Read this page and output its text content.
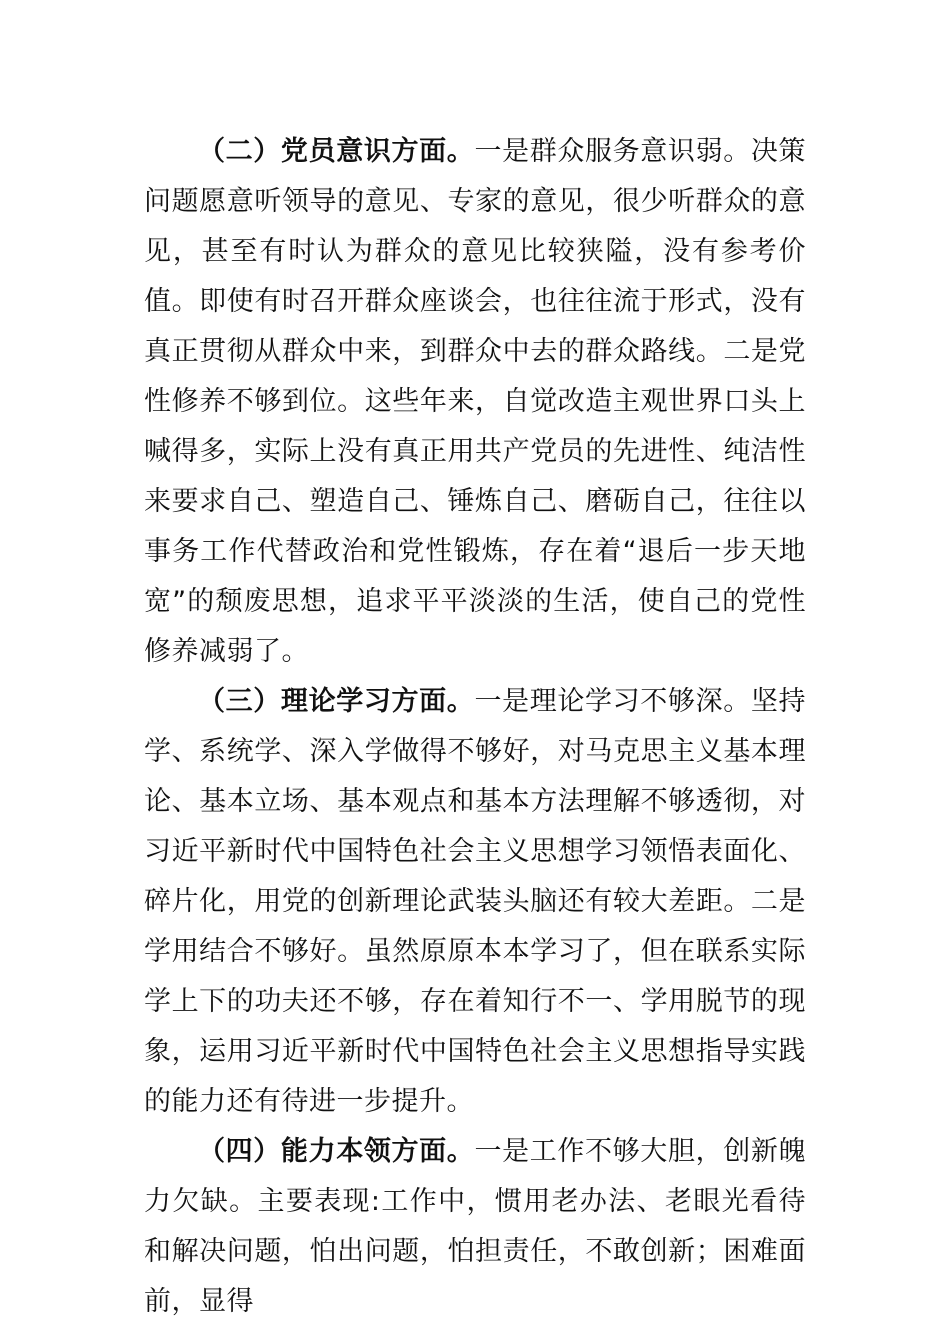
（二）党员意识方面。一是群众服务意识弱。决策问题愿意听领导的意见、专家的意见，很少听群众的意见，甚至有时认为群众的意见比较狭隘，没有参考价值。即使有时召开群众座谈会，也往往流于形式，没有真正贯彻从群众中来，到群众中去的群众路线。二是党性修养不够到位。这些年来，自觉改造主观世界口头上喊得多，实际上没有真正用共产党员的先进性、纯洁性来要求自己、塑造自己、锤炼自己、磨砺自己，往往以事务工作代替政治和党性锻炼，存在着“退后一步天地宽”的颓废思想，追求平平淡淡的生活，使自己的党性修养减弱了。

（三）理论学习方面。一是理论学习不够深。坚持学、系统学、深入学做得不够好，对马克思主义基本理论、基本立场、基本观点和基本方法理解不够透彻，对习近平新时代中国特色社会主义思想学习领悟表面化、碎片化，用党的创新理论武装头脑还有较大差距。二是学用结合不够好。虽然原原本本学习了，但在联系实际学上下的功夫还不够，存在着知行不一、学用脱节的现象，运用习近平新时代中国特色社会主义思想指导实践的能力还有待进一步提升。

（四）能力本领方面。一是工作不够大胆，创新魄力欠缺。主要表现:工作中，惯用老办法、老眼光看待和解决问题，怕出问题，怕担责任，不敢创新；困难面前，显得
